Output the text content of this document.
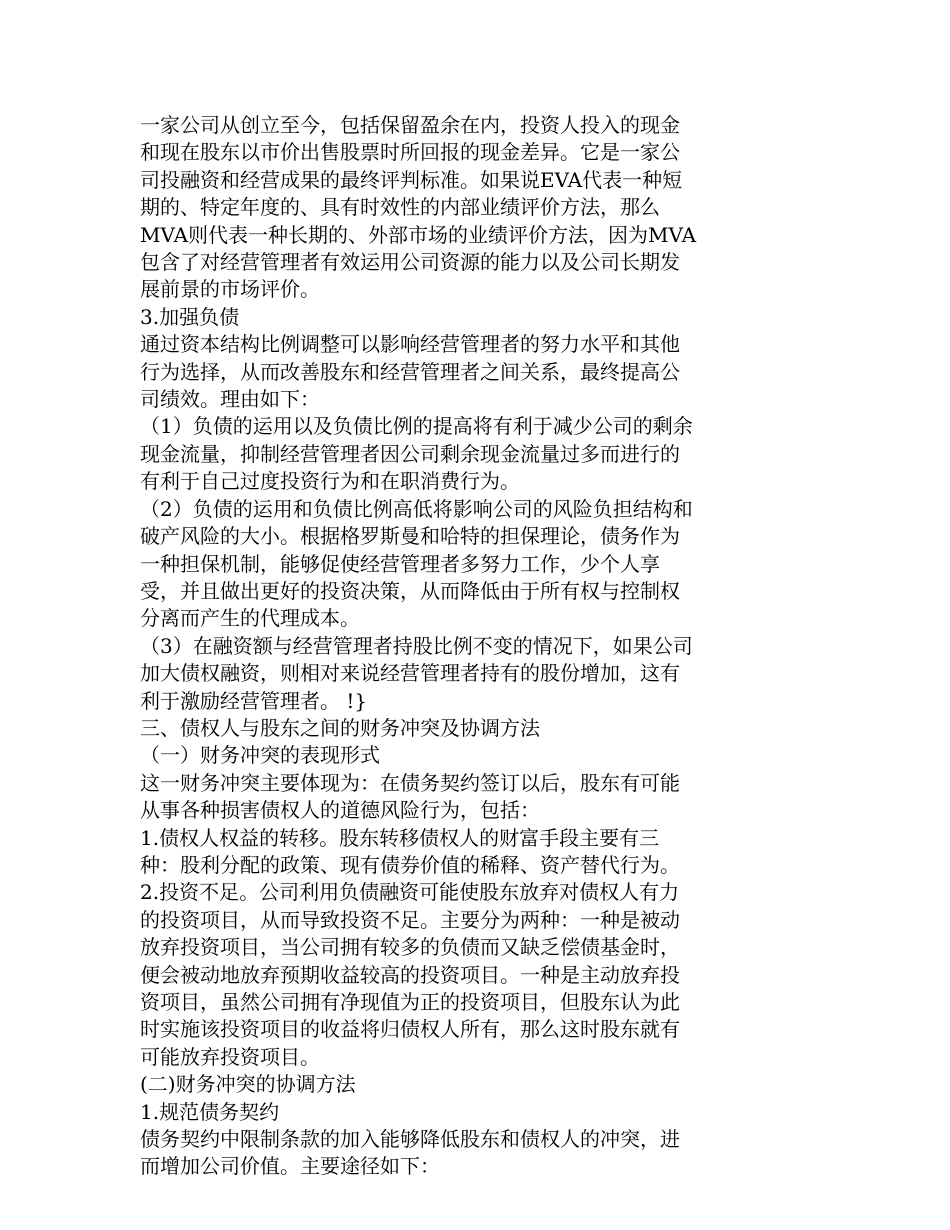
一家公司从创立至今，包括保留盈余在内，投资人投入的现金
和现在股东以市价出售股票时所回报的现金差异。它是一家公
司投融资和经营成果的最终评判标准。如果说EVA代表一种短
期的、特定年度的、具有时效性的内部业绩评价方法，那么
MVA则代表一种长期的、外部市场的业绩评价方法，因为MVA
包含了对经营管理者有效运用公司资源的能力以及公司长期发
展前景的市场评价。

3.加强负债

通过资本结构比例调整可以影响经营管理者的努力水平和其他
行为选择，从而改善股东和经营管理者之间关系，最终提高公
司绩效。理由如下：

（1）负债的运用以及负债比例的提高将有利于减少公司的剩余
现金流量，抑制经营管理者因公司剩余现金流量过多而进行的
有利于自己过度投资行为和在职消费行为。

（2）负债的运用和负债比例高低将影响公司的风险负担结构和
破产风险的大小。根据格罗斯曼和哈特的担保理论，债务作为
一种担保机制，能够促使经营管理者多努力工作，少个人享
受，并且做出更好的投资决策，从而降低由于所有权与控制权
分离而产生的代理成本。

（3）在融资额与经营管理者持股比例不变的情况下，如果公司
加大债权融资，则相对来说经营管理者持有的股份增加，这有
利于激励经营管理者。 !}

三、债权人与股东之间的财务冲突及协调方法

（一）财务冲突的表现形式

这一财务冲突主要体现为：在债务契约签订以后，股东有可能
从事各种损害债权人的道德风险行为，包括：

1.债权人权益的转移。股东转移债权人的财富手段主要有三
种：股利分配的政策、现有债券价值的稀释、资产替代行为。

2.投资不足。公司利用负债融资可能使股东放弃对债权人有力
的投资项目，从而导致投资不足。主要分为两种：一种是被动
放弃投资项目，当公司拥有较多的负债而又缺乏偿债基金时，
便会被动地放弃预期收益较高的投资项目。一种是主动放弃投
资项目，虽然公司拥有净现值为正的投资项目，但股东认为此
时实施该投资项目的收益将归债权人所有，那么这时股东就有
可能放弃投资项目。

(二)财务冲突的协调方法

1.规范债务契约

债务契约中限制条款的加入能够降低股东和债权人的冲突，进
而增加公司价值。主要途径如下：
